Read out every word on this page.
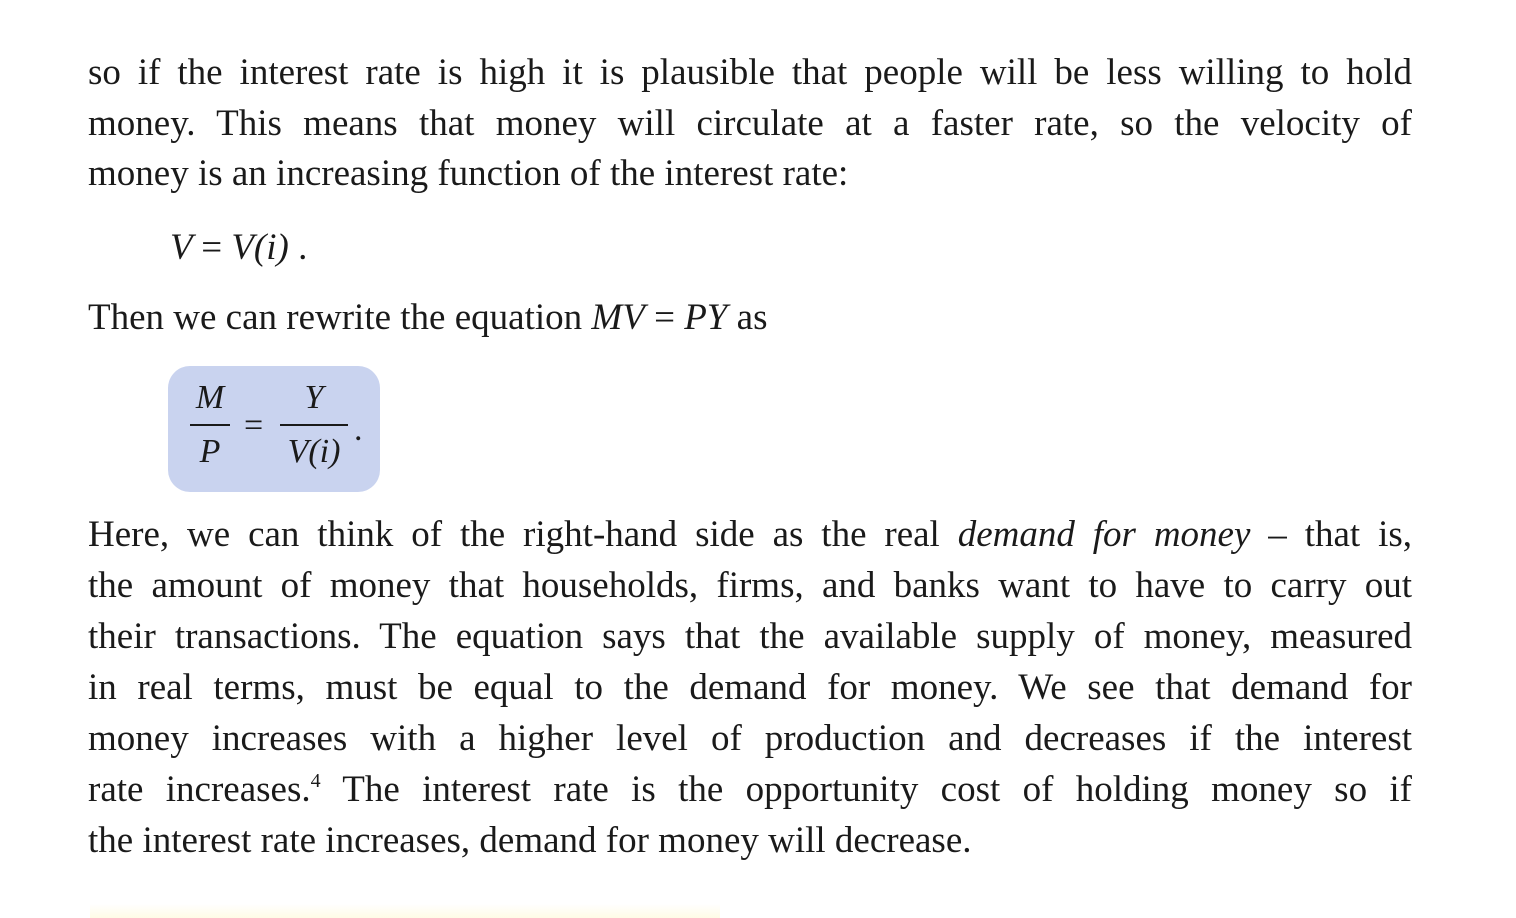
so if the interest rate is high it is plausible that people will be less willing to hold
money. This means that money will circulate at a faster rate, so the velocity of
money is an increasing function of the interest rate:
V = V(i) .
Then we can rewrite the equation MV = PY as
M
P
=
Y
V(i)
.
Here, we can think of the right-hand side as the real demand for money – that is,
the amount of money that households, firms, and banks want to have to carry out
their transactions. The equation says that the available supply of money, measured
in real terms, must be equal to the demand for money. We see that demand for
money increases with a higher level of production and decreases if the interest
rate increases.$^4$ The interest rate is the opportunity cost of holding money so if
the interest rate increases, demand for money will decrease.
